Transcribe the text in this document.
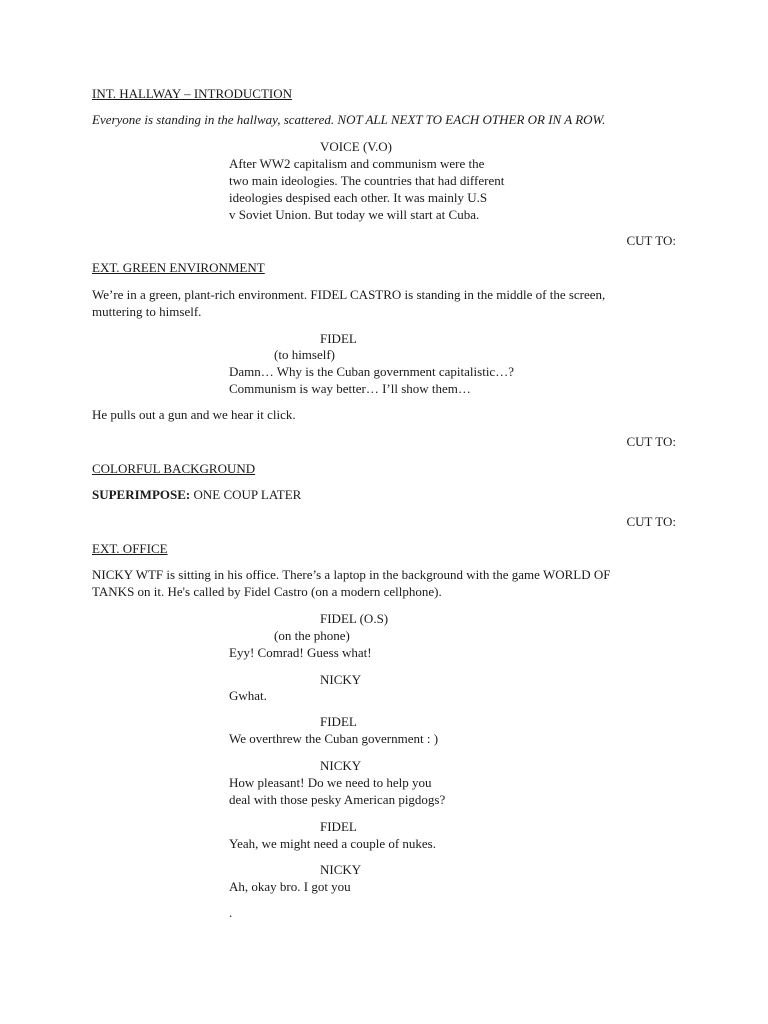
INT. HALLWAY – INTRODUCTION

Everyone is standing in the hallway, scattered. NOT ALL NEXT TO EACH OTHER OR IN A ROW.

VOICE (V.O)

After WW2 capitalism and communism were the

two main ideologies. The countries that had different

ideologies despised each other. It was mainly U.S

v Soviet Union. But today we will start at Cuba.

CUT TO:

EXT. GREEN ENVIRONMENT

We’re in a green, plant-rich environment. FIDEL CASTRO is standing in the middle of the screen,

muttering to himself.

FIDEL

(to himself)

Damn… Why is the Cuban government capitalistic…?

Communism is way better… I’ll show them…

He pulls out a gun and we hear it click.

CUT TO:

COLORFUL BACKGROUND

SUPERIMPOSE: ONE COUP LATER

CUT TO:

EXT. OFFICE

NICKY WTF is sitting in his office. There’s a laptop in the background with the game WORLD OF

TANKS on it. He's called by Fidel Castro (on a modern cellphone).

FIDEL (O.S)

(on the phone)

Eyy! Comrad! Guess what!

NICKY

Gwhat.

FIDEL

We overthrew the Cuban government : )

NICKY

How pleasant! Do we need to help you

deal with those pesky American pigdogs?

FIDEL

Yeah, we might need a couple of nukes.

NICKY

Ah, okay bro. I got you

.
